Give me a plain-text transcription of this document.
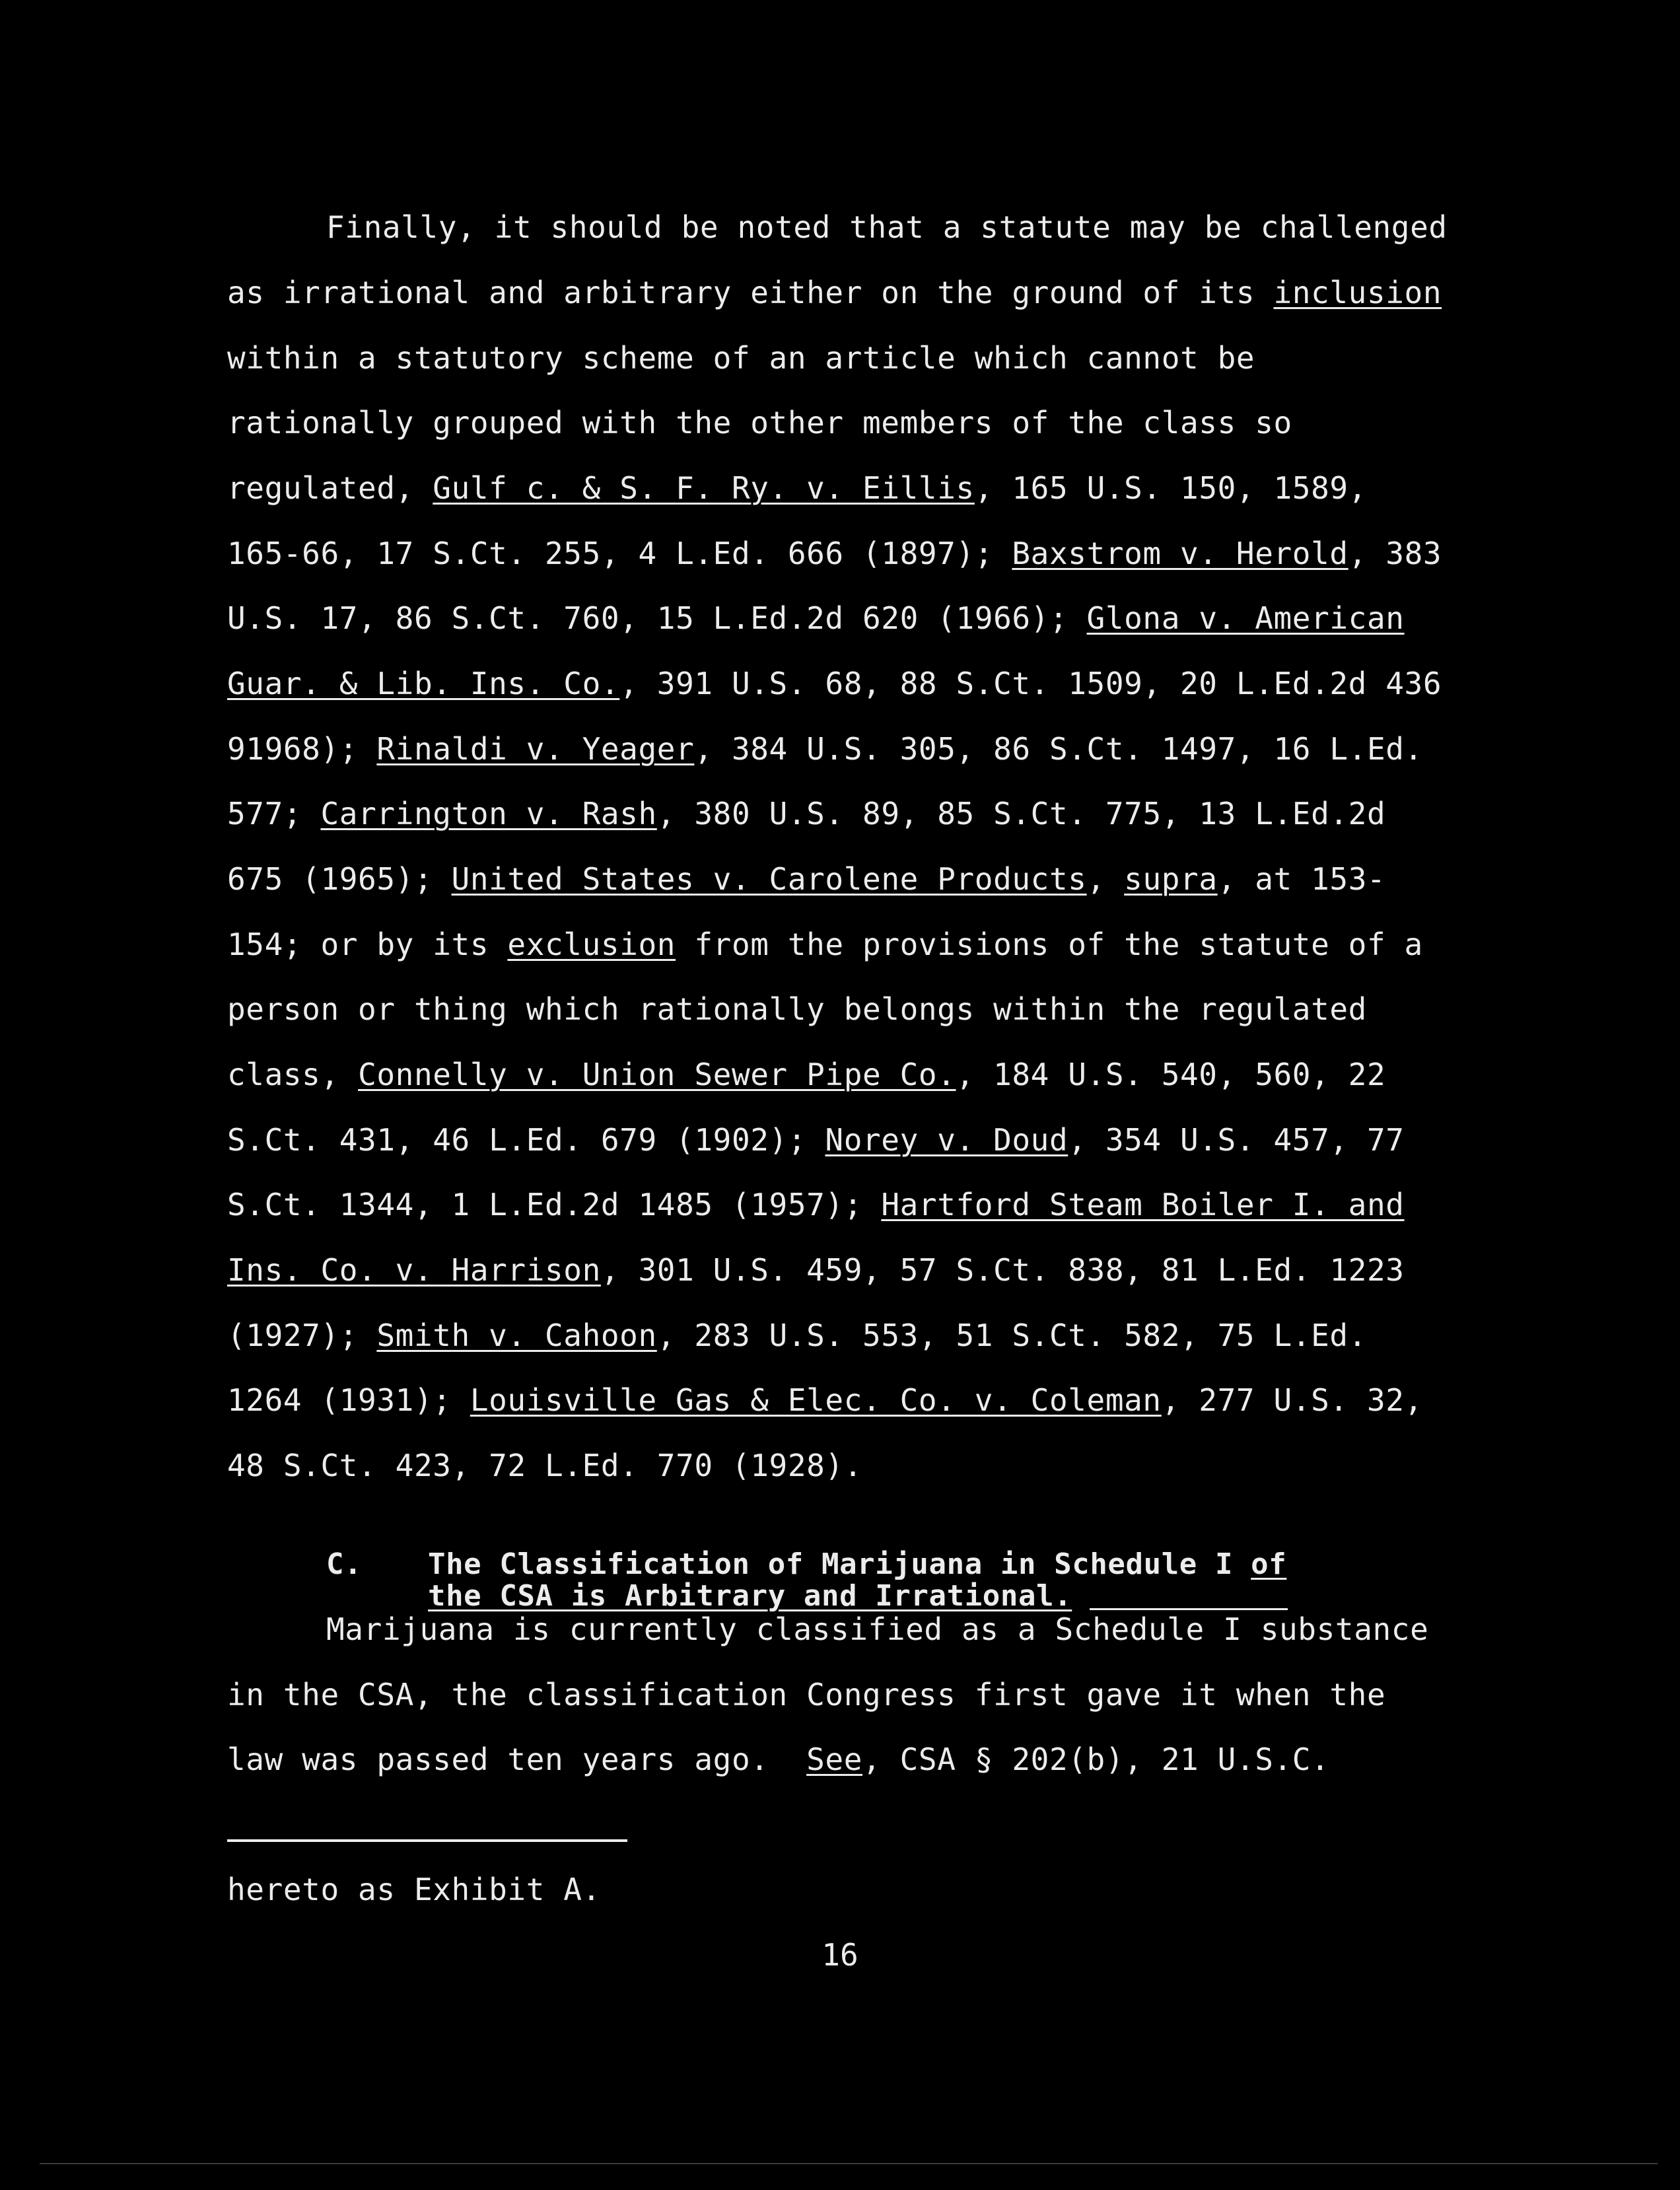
Finally, it should be noted that a statute may be challenged

as irrational and arbitrary either on the ground of its inclusion

within a statutory scheme of an article which cannot be

rationally grouped with the other members of the class so

regulated, Gulf c. & S. F. Ry. v. Eillis, 165 U.S. 150, 1589,

165-66, 17 S.Ct. 255, 4 L.Ed. 666 (1897); Baxstrom v. Herold, 383

U.S. 17, 86 S.Ct. 760, 15 L.Ed.2d 620 (1966); Glona v. American

Guar. & Lib. Ins. Co., 391 U.S. 68, 88 S.Ct. 1509, 20 L.Ed.2d 436

91968); Rinaldi v. Yeager, 384 U.S. 305, 86 S.Ct. 1497, 16 L.Ed.

577; Carrington v. Rash, 380 U.S. 89, 85 S.Ct. 775, 13 L.Ed.2d

675 (1965); United States v. Carolene Products, supra, at 153-

154; or by its exclusion from the provisions of the statute of a

person or thing which rationally belongs within the regulated

class, Connelly v. Union Sewer Pipe Co., 184 U.S. 540, 560, 22

S.Ct. 431, 46 L.Ed. 679 (1902); Norey v. Doud, 354 U.S. 457, 77

S.Ct. 1344, 1 L.Ed.2d 1485 (1957); Hartford Steam Boiler I. and

Ins. Co. v. Harrison, 301 U.S. 459, 57 S.Ct. 838, 81 L.Ed. 1223

(1927); Smith v. Cahoon, 283 U.S. 553, 51 S.Ct. 582, 75 L.Ed.

1264 (1931); Louisville Gas & Elec. Co. v. Coleman, 277 U.S. 32,

48 S.Ct. 423, 72 L.Ed. 770 (1928).

C. The Classification of Marijuana in Schedule I of

the CSA is Arbitrary and Irrational.

Marijuana is currently classified as a Schedule I substance

in the CSA, the classification Congress first gave it when the

law was passed ten years ago.  See, CSA § 202(b), 21 U.S.C.

hereto as Exhibit A.

16
